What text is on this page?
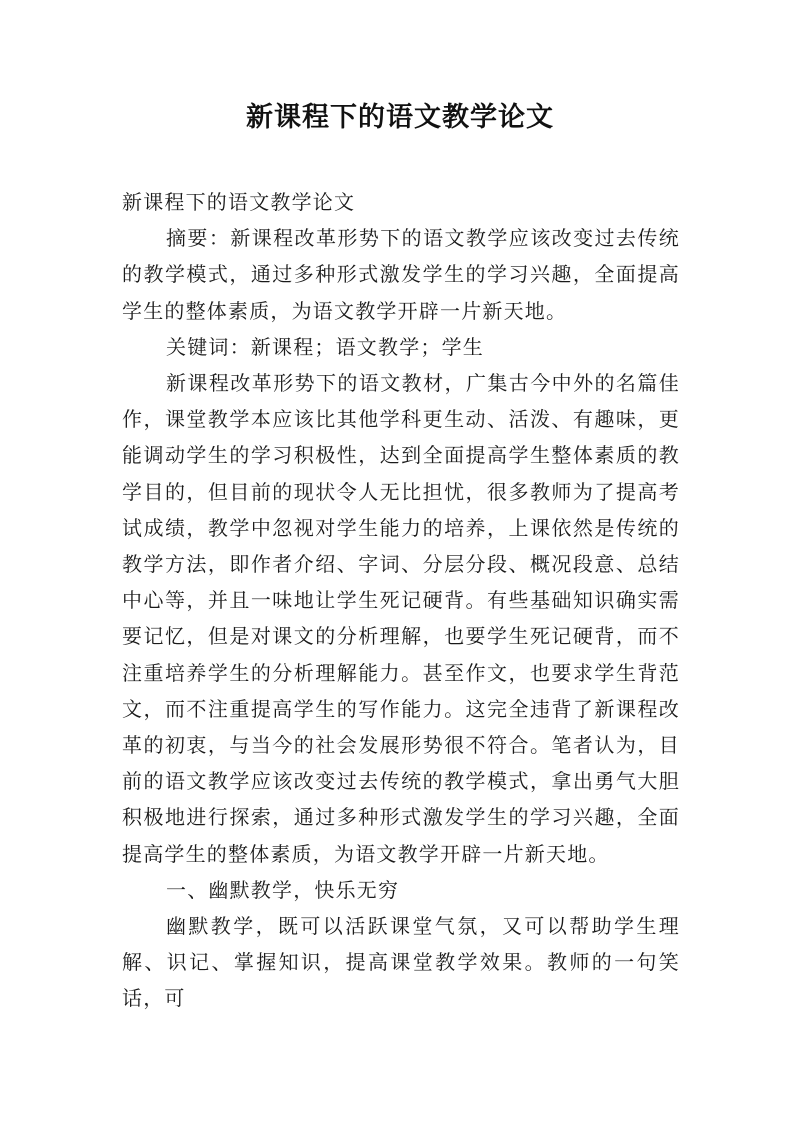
新课程下的语文教学论文

新课程下的语文教学论文

摘要：新课程改革形势下的语文教学应该改变过去传统的教学模式，通过多种形式激发学生的学习兴趣，全面提高学生的整体素质，为语文教学开辟一片新天地。

关键词：新课程；语文教学；学生

新课程改革形势下的语文教材，广集古今中外的名篇佳作，课堂教学本应该比其他学科更生动、活泼、有趣味，更能调动学生的学习积极性，达到全面提高学生整体素质的教学目的，但目前的现状令人无比担忧，很多教师为了提高考试成绩，教学中忽视对学生能力的培养，上课依然是传统的教学方法，即作者介绍、字词、分层分段、概况段意、总结中心等，并且一味地让学生死记硬背。有些基础知识确实需要记忆，但是对课文的分析理解，也要学生死记硬背，而不注重培养学生的分析理解能力。甚至作文，也要求学生背范文，而不注重提高学生的写作能力。这完全违背了新课程改革的初衷，与当今的社会发展形势很不符合。笔者认为，目前的语文教学应该改变过去传统的教学模式，拿出勇气大胆积极地进行探索，通过多种形式激发学生的学习兴趣，全面提高学生的整体素质，为语文教学开辟一片新天地。

一、幽默教学，快乐无穷

幽默教学，既可以活跃课堂气氛，又可以帮助学生理解、识记、掌握知识，提高课堂教学效果。教师的一句笑话，可
